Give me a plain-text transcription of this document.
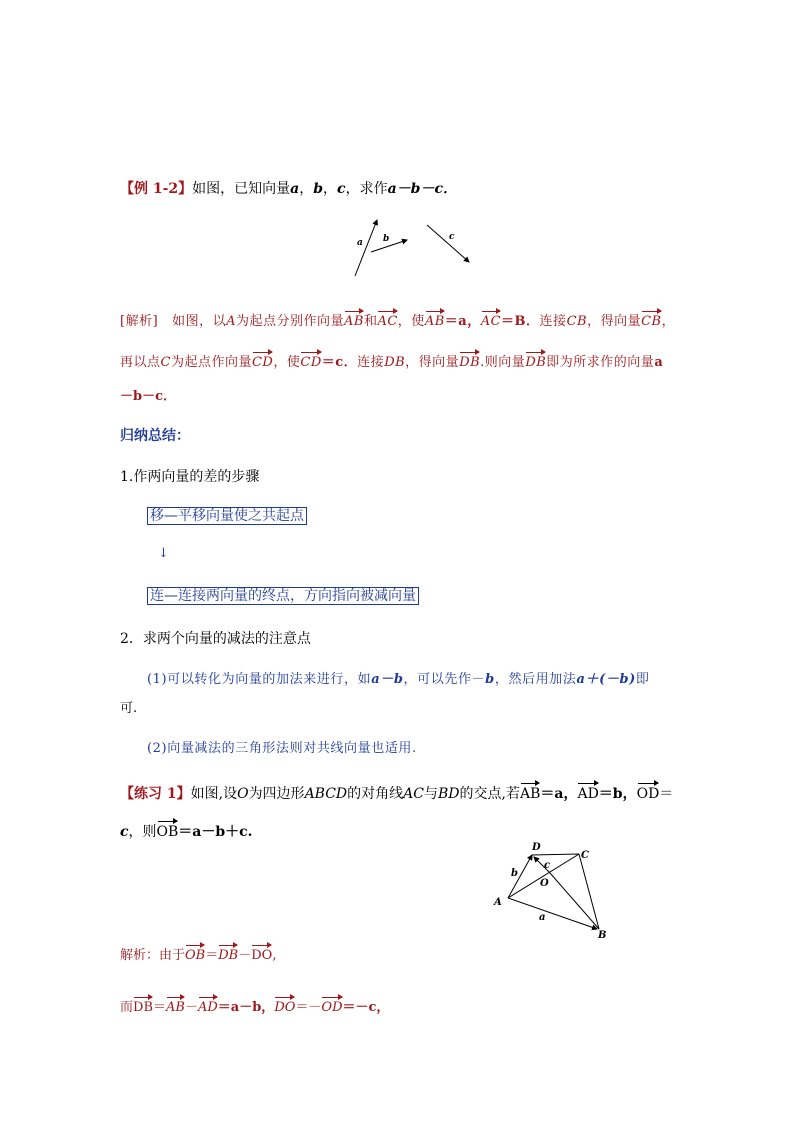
【例 1-2】如图，已知向量a，b，c，求作a－b－c．
a b	c
[解析] 如图，以A为起点分别作向量AB和AC，使AB＝a，AC＝B．连接CB，得向量CB，
再以点C为起点作向量CD，使CD＝c．连接DB，得向量DB.则向量DB即为所求作的向量a
－b－c．
归纳总结：
1.作两向量的差的步骤
移—平移向量使之共起点
↓
连—连接两向量的终点，方向指向被减向量
2．求两个向量的减法的注意点
(1)可以转化为向量的加法来进行，如a－b，可以先作－b，然后用加法a＋(－b)即
可.
(2)向量减法的三角形法则对共线向量也适用.
【练习 1】如图,设O为四边形ABCD的对角线AC与BD的交点,若AB＝a，AD＝b，OD＝
c，则OB＝a－b＋c.
D
C
A
B
O
b
c
a
解析：由于OB＝DB－DO,
而DB＝AB－AD＝a－b，DO＝－OD＝－c，
